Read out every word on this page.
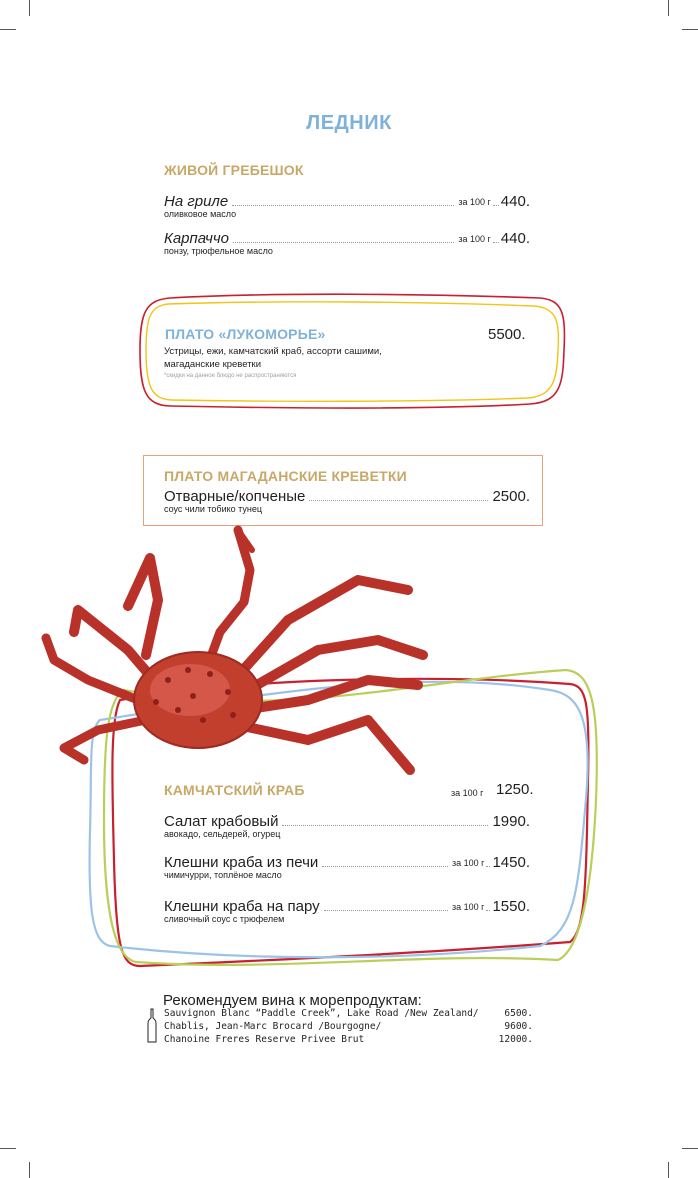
ЛЕДНИК
ЖИВОЙ ГРЕБЕШОК
На гриле	за 100 г 440.
оливковое масло
Карпаччо	за 100 г 440.
понзу, трюфельное масло
ПЛАТО «ЛУКОМОРЬЕ»	5500.
Устрицы, ежи, камчатский краб, ассорти сашими,
магаданские креветки
*скидки на данное блюдо не распространяются
ПЛАТО МАГАДАНСКИЕ КРЕВЕТКИ
Отварные/копченые	2500.
соус чили тобико тунец
КАМЧАТСКИЙ КРАБ	за 100 г 1250.
Салат крабовый	1990.
авокадо, сельдерей, огурец
Клешни краба из печи	за 100 г 1450.
чимичурри, топлёное масло
Клешни краба на пару	за 100 г 1550.
сливочный соус с трюфелем
Рекомендуем вина к морепродуктам:
Sauvignon Blanc “Paddle Creek”, Lake Road /New Zealand/	6500.
Chablis, Jean-Marc Brocard /Bourgogne/	9600.
Chanoine Freres Reserve Privee Brut	12000.
